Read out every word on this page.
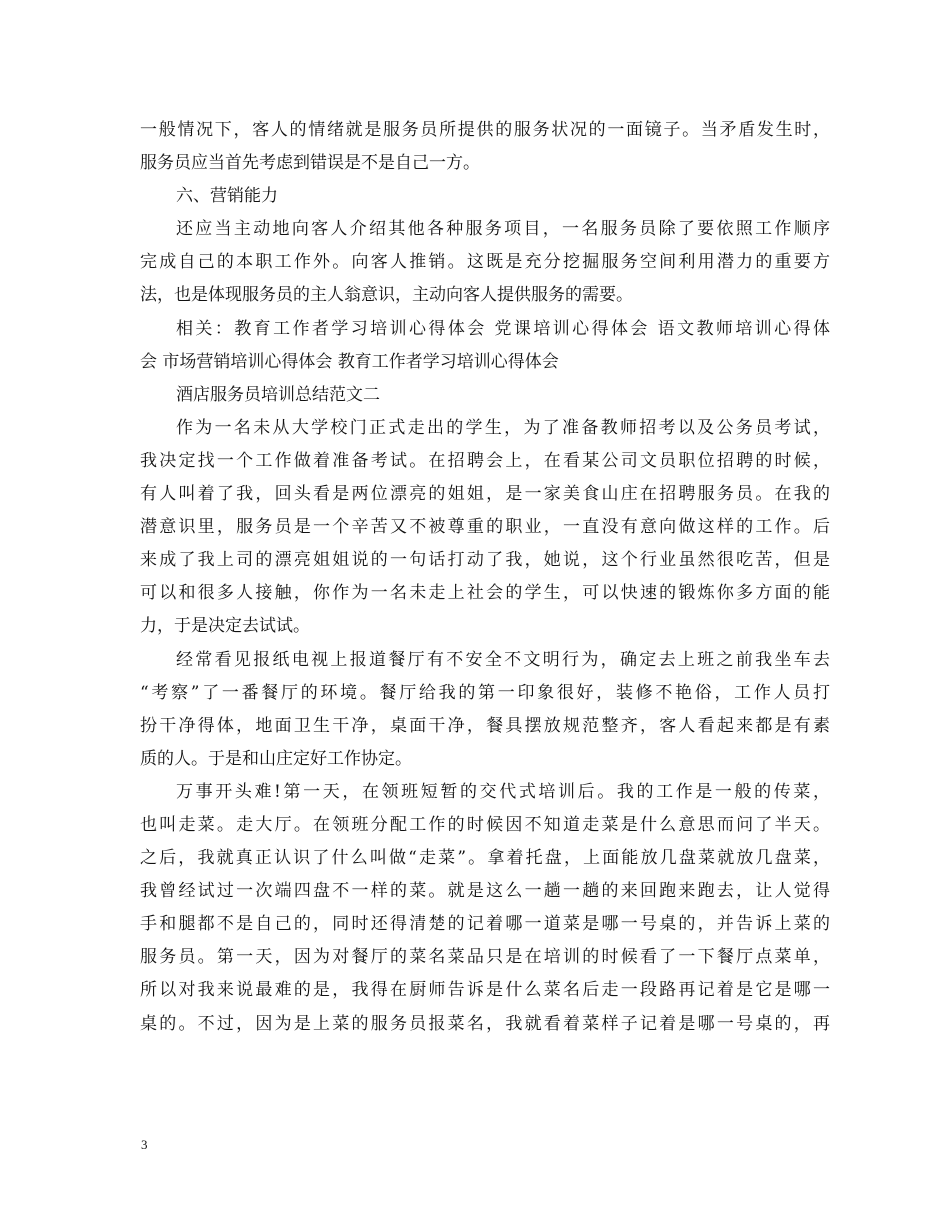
一般情况下，客人的情绪就是服务员所提供的服务状况的一面镜子。当矛盾发生时，
服务员应当首先考虑到错误是不是自己一方。
六、营销能力
还应当主动地向客人介绍其他各种服务项目，一名服务员除了要依照工作顺序
完成自己的本职工作外。向客人推销。这既是充分挖掘服务空间利用潜力的重要方
法，也是体现服务员的主人翁意识，主动向客人提供服务的需要。
相关：教育工作者学习培训心得体会 党课培训心得体会 语文教师培训心得体
会 市场营销培训心得体会 教育工作者学习培训心得体会
酒店服务员培训总结范文二
作为一名未从大学校门正式走出的学生，为了准备教师招考以及公务员考试，
我决定找一个工作做着准备考试。在招聘会上，在看某公司文员职位招聘的时候，
有人叫着了我，回头看是两位漂亮的姐姐，是一家美食山庄在招聘服务员。在我的
潜意识里，服务员是一个辛苦又不被尊重的职业，一直没有意向做这样的工作。后
来成了我上司的漂亮姐姐说的一句话打动了我，她说，这个行业虽然很吃苦，但是
可以和很多人接触，你作为一名未走上社会的学生，可以快速的锻炼你多方面的能
力，于是决定去试试。
经常看见报纸电视上报道餐厅有不安全不文明行为，确定去上班之前我坐车去
“考察”了一番餐厅的环境。餐厅给我的第一印象很好，装修不艳俗，工作人员打
扮干净得体，地面卫生干净，桌面干净，餐具摆放规范整齐，客人看起来都是有素
质的人。于是和山庄定好工作协定。
万事开头难!第一天，在领班短暂的交代式培训后。我的工作是一般的传菜，
也叫走菜。走大厅。在领班分配工作的时候因不知道走菜是什么意思而问了半天。
之后，我就真正认识了什么叫做“走菜”。拿着托盘，上面能放几盘菜就放几盘菜，
我曾经试过一次端四盘不一样的菜。就是这么一趟一趟的来回跑来跑去，让人觉得
手和腿都不是自己的，同时还得清楚的记着哪一道菜是哪一号桌的，并告诉上菜的
服务员。第一天，因为对餐厅的菜名菜品只是在培训的时候看了一下餐厅点菜单，
所以对我来说最难的是，我得在厨师告诉是什么菜名后走一段路再记着是它是哪一
桌的。不过，因为是上菜的服务员报菜名，我就看着菜样子记着是哪一号桌的，再
3
